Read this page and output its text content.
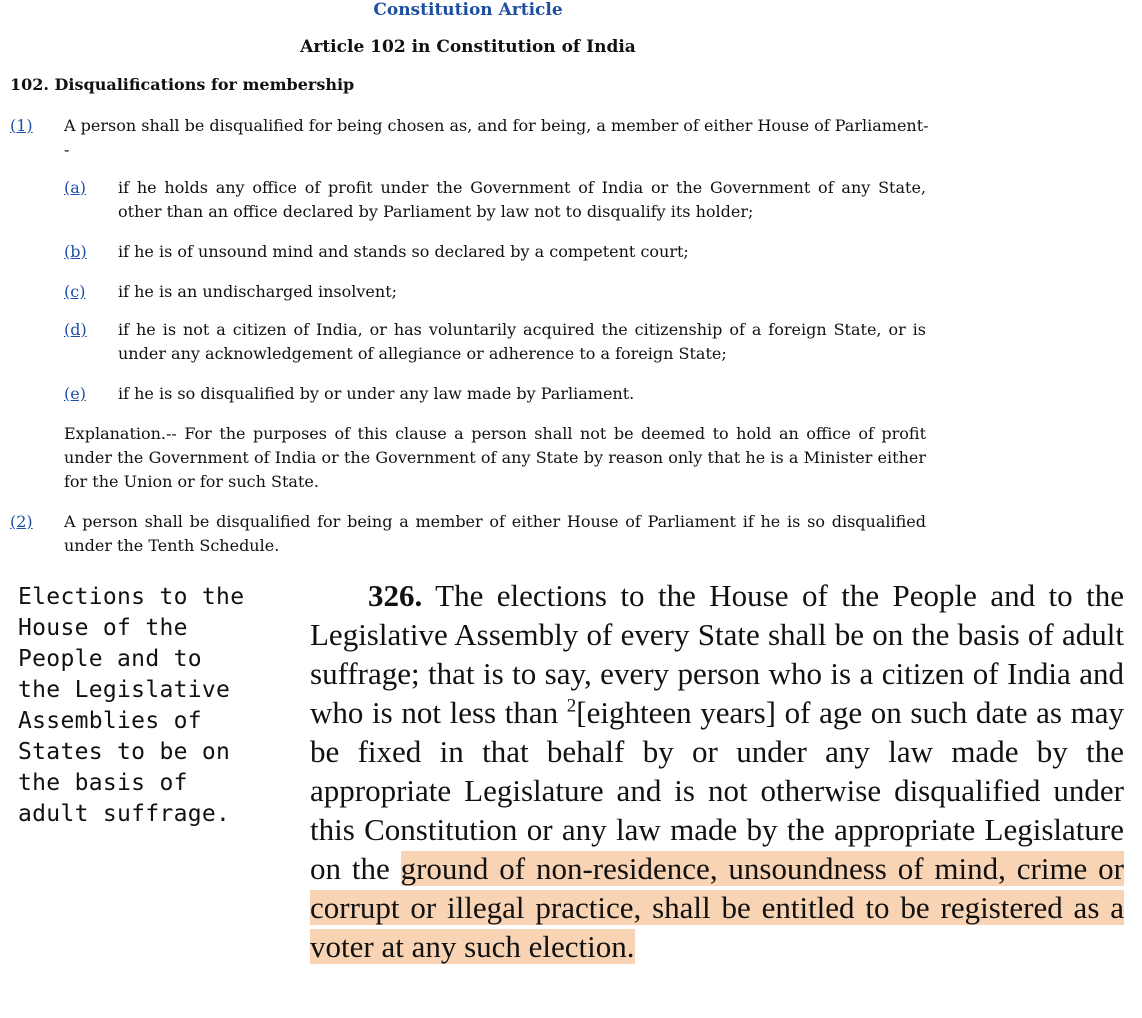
Constitution Article
Article 102 in Constitution of India
102. Disqualifications for membership
(1) A person shall be disqualified for being chosen as, and for being, a member of either House of Parliament-
-
(a) if he holds any office of profit under the Government of India or the Government of any State, other than an office declared by Parliament by law not to disqualify its holder;
(b) if he is of unsound mind and stands so declared by a competent court;
(c) if he is an undischarged insolvent;
(d) if he is not a citizen of India, or has voluntarily acquired the citizenship of a foreign State, or is under any acknowledgement of allegiance or adherence to a foreign State;
(e) if he is so disqualified by or under any law made by Parliament.
Explanation.-- For the purposes of this clause a person shall not be deemed to hold an office of profit under the Government of India or the Government of any State by reason only that he is a Minister either for the Union or for such State.
(2) A person shall be disqualified for being a member of either House of Parliament if he is so disqualified under the Tenth Schedule.
Elections to the House of the People and to the Legislative Assemblies of States to be on the basis of adult suffrage.
326. The elections to the House of the People and to the Legislative Assembly of every State shall be on the basis of adult suffrage; that is to say, every person who is a citizen of India and who is not less than $^2$[eighteen years] of age on such date as may be fixed in that behalf by or under any law made by the appropriate Legislature and is not otherwise disqualified under this Constitution or any law made by the appropriate Legislature on the ground of non-residence, unsoundness of mind, crime or corrupt or illegal practice, shall be entitled to be registered as a voter at any such election.
